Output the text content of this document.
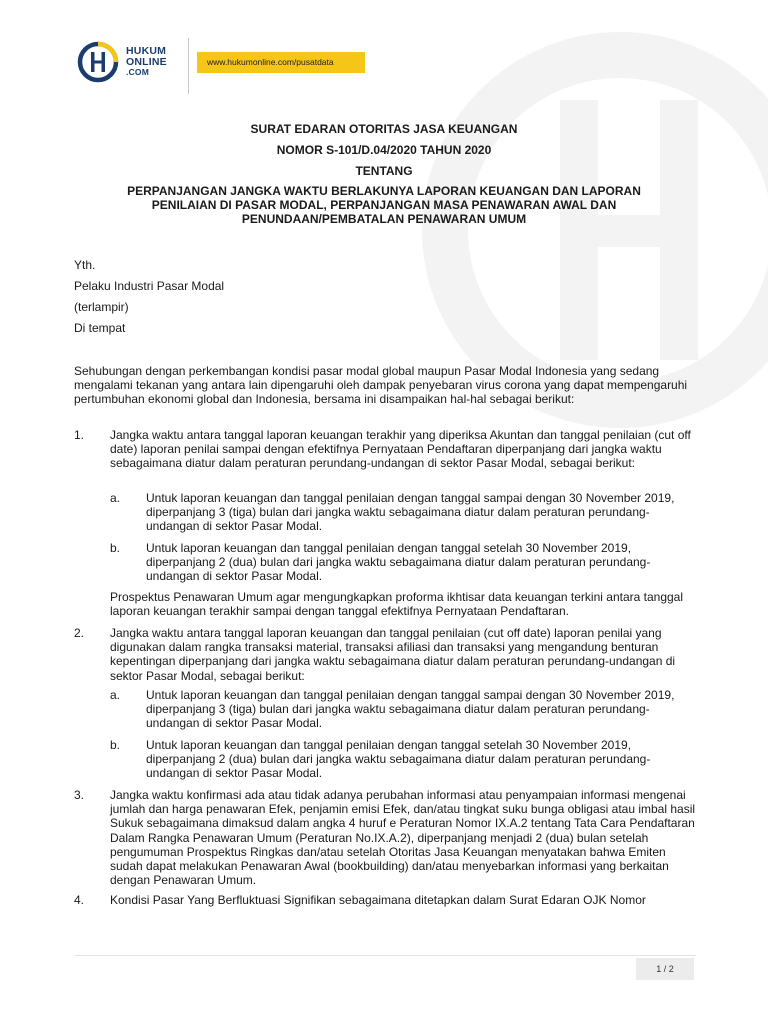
HUKUM
ONLINE
.COM
www.hukumonline.com/pusatdata
SURAT EDARAN OTORITAS JASA KEUANGAN
NOMOR S-101/D.04/2020 TAHUN 2020
TENTANG
PERPANJANGAN JANGKA WAKTU BERLAKUNYA LAPORAN KEUANGAN DAN LAPORAN PENILAIAN DI PASAR MODAL, PERPANJANGAN MASA PENAWARAN AWAL DAN PENUNDAAN/PEMBATALAN PENAWARAN UMUM
Yth.
Pelaku Industri Pasar Modal
(terlampir)
Di tempat
Sehubungan dengan perkembangan kondisi pasar modal global maupun Pasar Modal Indonesia yang sedang mengalami tekanan yang antara lain dipengaruhi oleh dampak penyebaran virus corona yang dapat mempengaruhi pertumbuhan ekonomi global dan Indonesia, bersama ini disampaikan hal-hal sebagai berikut:
1. Jangka waktu antara tanggal laporan keuangan terakhir yang diperiksa Akuntan dan tanggal penilaian (cut off date) laporan penilai sampai dengan efektifnya Pernyataan Pendaftaran diperpanjang dari jangka waktu sebagaimana diatur dalam peraturan perundang-undangan di sektor Pasar Modal, sebagai berikut:
a. Untuk laporan keuangan dan tanggal penilaian dengan tanggal sampai dengan 30 November 2019, diperpanjang 3 (tiga) bulan dari jangka waktu sebagaimana diatur dalam peraturan perundang-undangan di sektor Pasar Modal.
b. Untuk laporan keuangan dan tanggal penilaian dengan tanggal setelah 30 November 2019, diperpanjang 2 (dua) bulan dari jangka waktu sebagaimana diatur dalam peraturan perundang-undangan di sektor Pasar Modal.
Prospektus Penawaran Umum agar mengungkapkan proforma ikhtisar data keuangan terkini antara tanggal laporan keuangan terakhir sampai dengan tanggal efektifnya Pernyataan Pendaftaran.
2. Jangka waktu antara tanggal laporan keuangan dan tanggal penilaian (cut off date) laporan penilai yang digunakan dalam rangka transaksi material, transaksi afiliasi dan transaksi yang mengandung benturan kepentingan diperpanjang dari jangka waktu sebagaimana diatur dalam peraturan perundang-undangan di sektor Pasar Modal, sebagai berikut:
a. Untuk laporan keuangan dan tanggal penilaian dengan tanggal sampai dengan 30 November 2019, diperpanjang 3 (tiga) bulan dari jangka waktu sebagaimana diatur dalam peraturan perundang-undangan di sektor Pasar Modal.
b. Untuk laporan keuangan dan tanggal penilaian dengan tanggal setelah 30 November 2019, diperpanjang 2 (dua) bulan dari jangka waktu sebagaimana diatur dalam peraturan perundang-undangan di sektor Pasar Modal.
3. Jangka waktu konfirmasi ada atau tidak adanya perubahan informasi atau penyampaian informasi mengenai jumlah dan harga penawaran Efek, penjamin emisi Efek, dan/atau tingkat suku bunga obligasi atau imbal hasil Sukuk sebagaimana dimaksud dalam angka 4 huruf e Peraturan Nomor IX.A.2 tentang Tata Cara Pendaftaran Dalam Rangka Penawaran Umum (Peraturan No.IX.A.2), diperpanjang menjadi 2 (dua) bulan setelah pengumuman Prospektus Ringkas dan/atau setelah Otoritas Jasa Keuangan menyatakan bahwa Emiten sudah dapat melakukan Penawaran Awal (bookbuilding) dan/atau menyebarkan informasi yang berkaitan dengan Penawaran Umum.
4. Kondisi Pasar Yang Berfluktuasi Signifikan sebagaimana ditetapkan dalam Surat Edaran OJK Nomor
1 / 2
